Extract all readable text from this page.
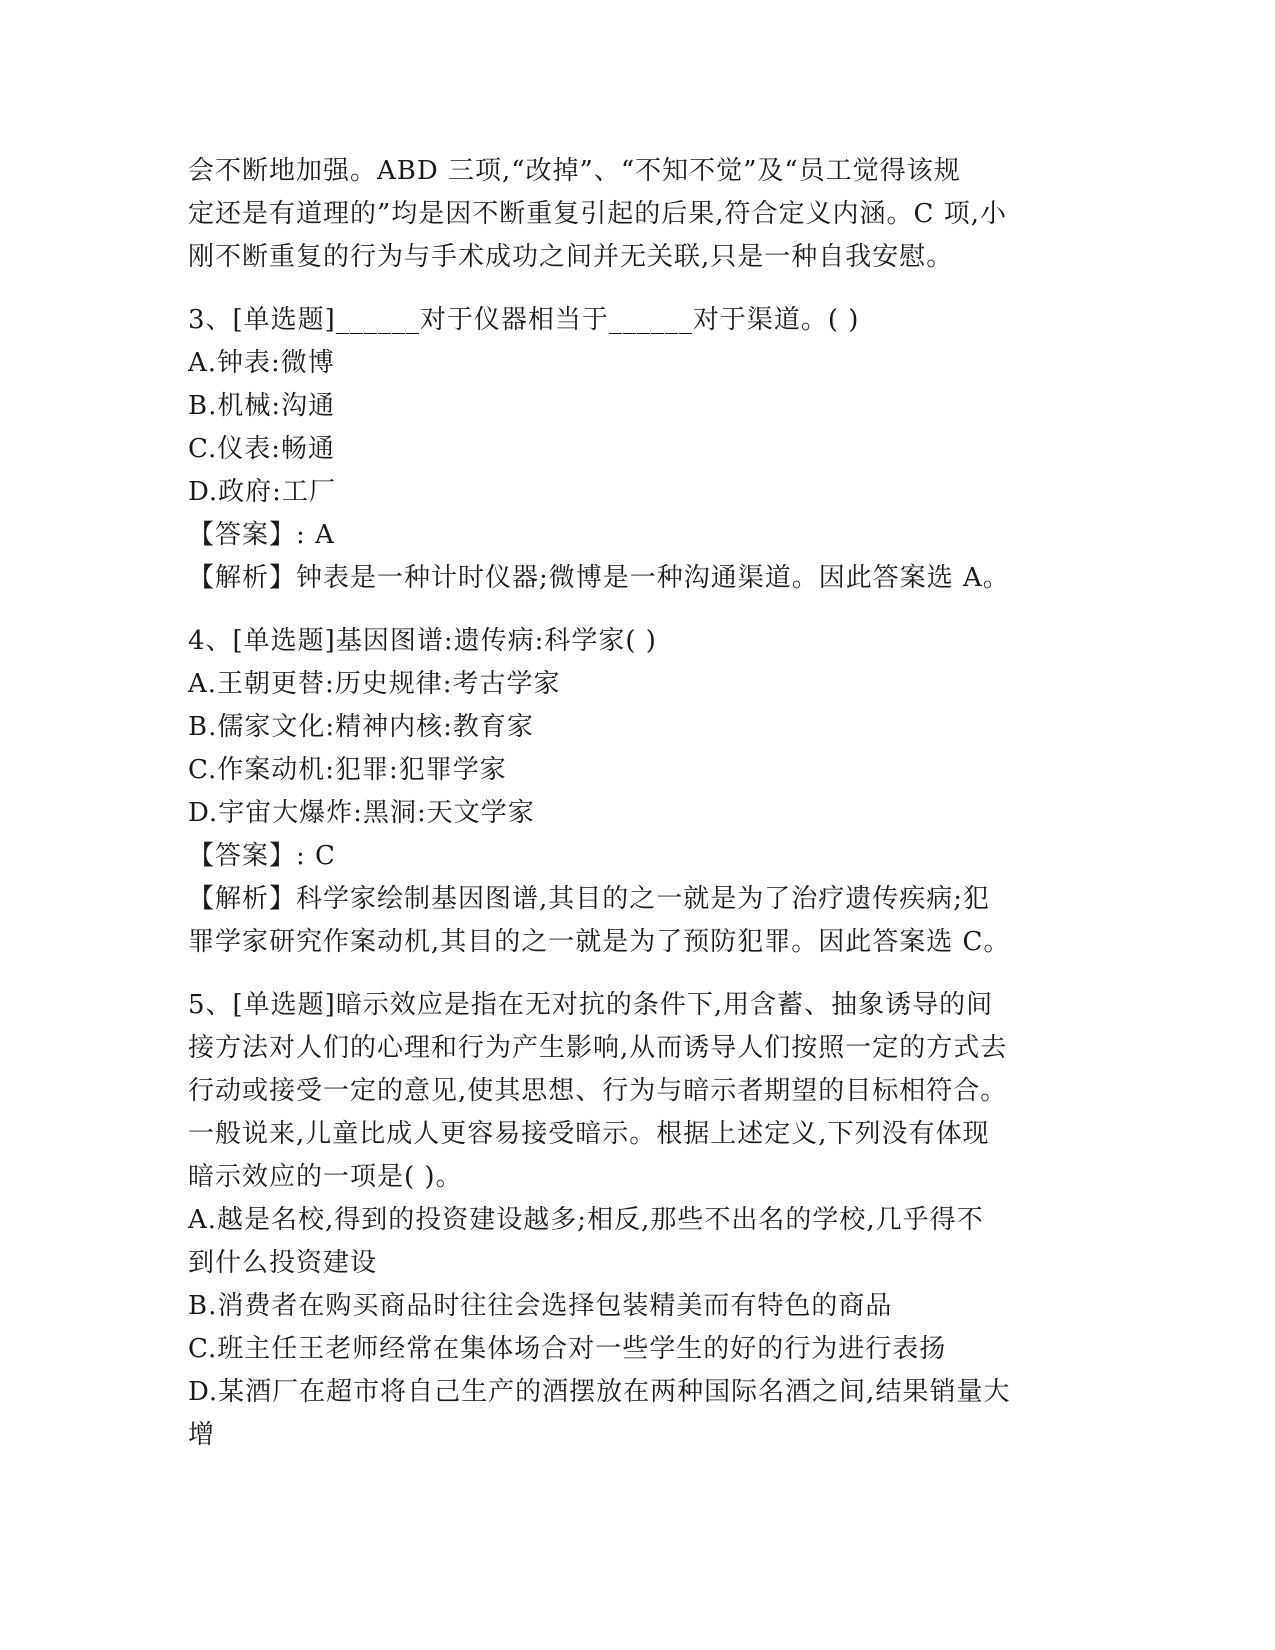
会不断地加强。ABD 三项,“改掉”、“不知不觉”及“员工觉得该规
定还是有道理的”均是因不断重复引起的后果,符合定义内涵。C 项,小
刚不断重复的行为与手术成功之间并无关联,只是一种自我安慰。
3、[单选题]______对于仪器相当于______对于渠道。( )
A.钟表:微博
B.机械:沟通
C.仪表:畅通
D.政府:工厂
【答案】: A
【解析】钟表是一种计时仪器;微博是一种沟通渠道。因此答案选 A。
4、[单选题]基因图谱:遗传病:科学家( )
A.王朝更替:历史规律:考古学家
B.儒家文化:精神内核:教育家
C.作案动机:犯罪:犯罪学家
D.宇宙大爆炸:黑洞:天文学家
【答案】: C
【解析】科学家绘制基因图谱,其目的之一就是为了治疗遗传疾病;犯
罪学家研究作案动机,其目的之一就是为了预防犯罪。因此答案选 C。
5、[单选题]暗示效应是指在无对抗的条件下,用含蓄、抽象诱导的间
接方法对人们的心理和行为产生影响,从而诱导人们按照一定的方式去
行动或接受一定的意见,使其思想、行为与暗示者期望的目标相符合。
一般说来,儿童比成人更容易接受暗示。根据上述定义,下列没有体现
暗示效应的一项是( )。
A.越是名校,得到的投资建设越多;相反,那些不出名的学校,几乎得不
到什么投资建设
B.消费者在购买商品时往往会选择包装精美而有特色的商品
C.班主任王老师经常在集体场合对一些学生的好的行为进行表扬
D.某酒厂在超市将自己生产的酒摆放在两种国际名酒之间,结果销量大
增
